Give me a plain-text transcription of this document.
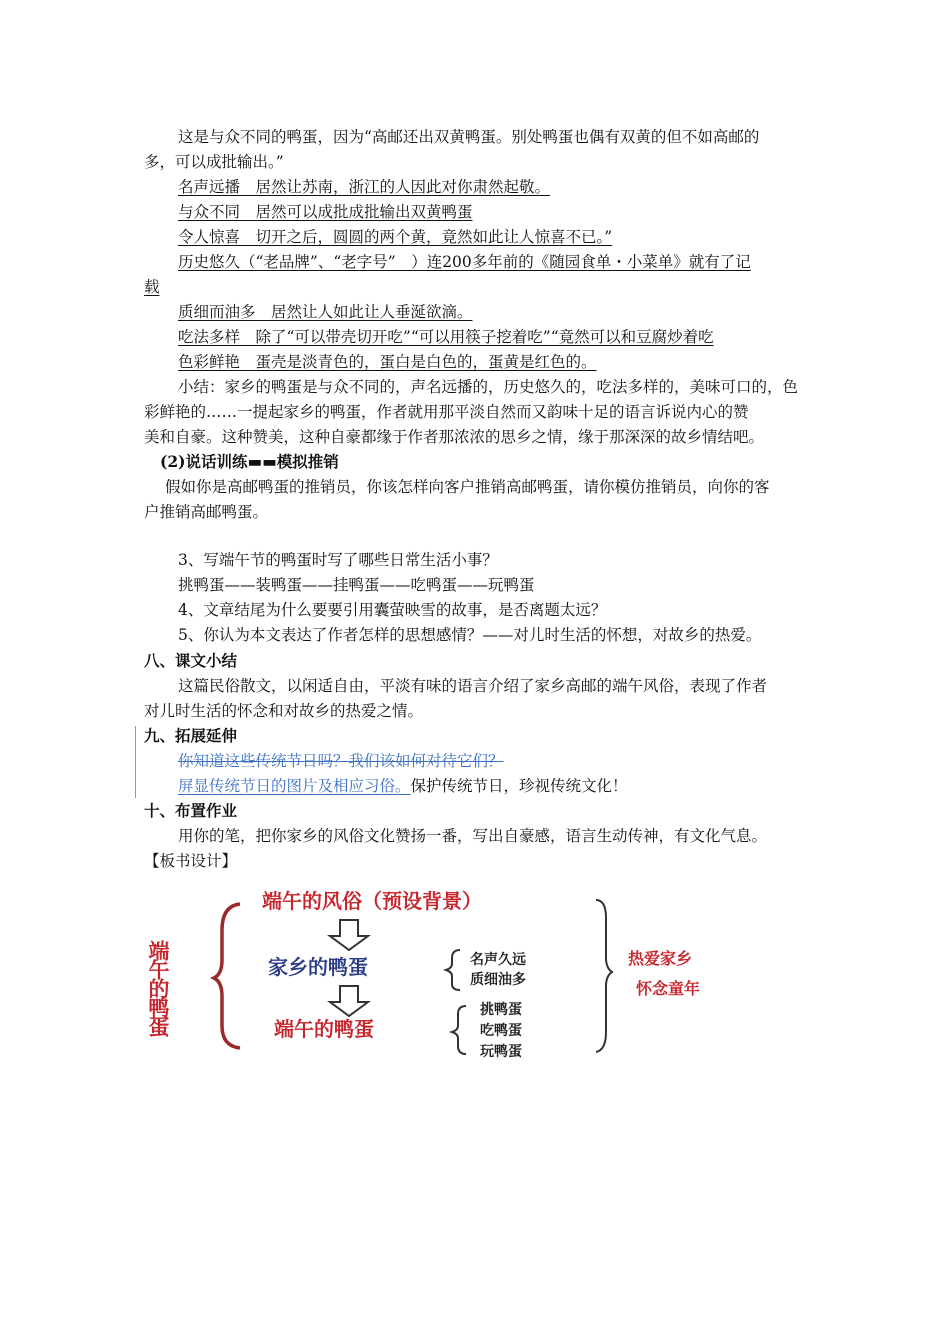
这是与众不同的鸭蛋，因为“高邮还出双黄鸭蛋。别处鸭蛋也偶有双黄的但不如高邮的
多，可以成批输出。”
名声远播　居然让苏南，浙江的人因此对你肃然起敬。
与众不同　居然可以成批成批输出双黄鸭蛋
令人惊喜　切开之后，圆圆的两个黄，竟然如此让人惊喜不已。”
历史悠久（“老品牌”、“老字号”　）连200多年前的《随园食单・小菜单》就有了记
载
质细而油多　居然让人如此让人垂涎欲滴。
吃法多样　除了“可以带壳切开吃”“可以用筷子挖着吃”“竟然可以和豆腐炒着吃
色彩鲜艳　蛋壳是淡青色的，蛋白是白色的，蛋黄是红色的。
小结：家乡的鸭蛋是与众不同的，声名远播的，历史悠久的，吃法多样的，美味可口的，色
彩鲜艳的……一提起家乡的鸭蛋，作者就用那平淡自然而又韵味十足的语言诉说内心的赞
美和自豪。这种赞美，这种自豪都缘于作者那浓浓的思乡之情，缘于那深深的故乡情结吧。
(2)说话训练▬▬模拟推销
假如你是高邮鸭蛋的推销员，你该怎样向客户推销高邮鸭蛋，请你模仿推销员，向你的客
户推销高邮鸭蛋。
3、写端午节的鸭蛋时写了哪些日常生活小事？
挑鸭蛋——装鸭蛋——挂鸭蛋——吃鸭蛋——玩鸭蛋
4、文章结尾为什么要要引用囊萤映雪的故事，是否离题太远？
5、你认为本文表达了作者怎样的思想感情？——对儿时生活的怀想，对故乡的热爱。
八、课文小结
这篇民俗散文，以闲适自由，平淡有味的语言介绍了家乡高邮的端午风俗，表现了作者
对儿时生活的怀念和对故乡的热爱之情。
九、拓展延伸
你知道这些传统节日吗？我们该如何对待它们？
屏显传统节日的图片及相应习俗。保护传统节日，珍视传统文化！
十、布置作业
用你的笔，把你家乡的风俗文化赞扬一番，写出自豪感，语言生动传神，有文化气息。
【板书设计】
端午的鸭蛋
端午的风俗（预设背景）
家乡的鸭蛋	名声久远
质细油多
端午的鸭蛋
挑鸭蛋
吃鸭蛋
玩鸭蛋
热爱家乡
怀念童年
